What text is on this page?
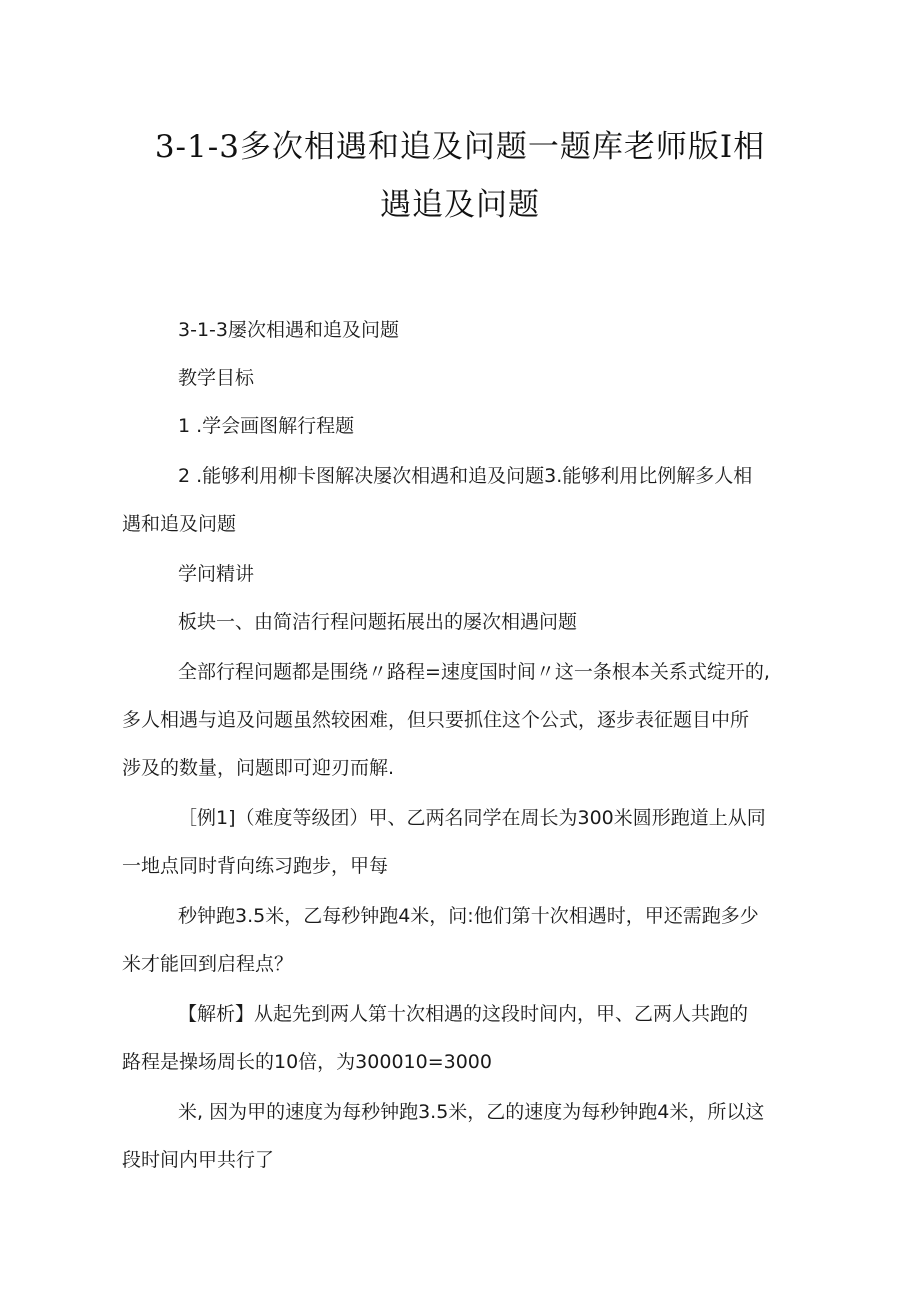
3-1-3多次相遇和追及问题一题库老师版I相
遇追及问题

3-1-3屡次相遇和追及问题

教学目标

1 .学会画图解行程题

2 .能够利用柳卡图解决屡次相遇和追及问题3.能够利用比例解多人相

遇和追及问题

学问精讲

板块一、由简洁行程问题拓展出的屡次相遇问题

全部行程问题都是围绕〃路程=速度国时间〃这一条根本关系式绽开的,

多人相遇与追及问题虽然较困难，但只要抓住这个公式，逐步表征题目中所

涉及的数量，问题即可迎刃而解.

［例1]（难度等级团）甲、乙两名同学在周长为300米圆形跑道上从同

一地点同时背向练习跑步，甲每

秒钟跑3.5米，乙每秒钟跑4米，问:他们第十次相遇时，甲还需跑多少

米才能回到启程点？

【解析】从起先到两人第十次相遇的这段时间内，甲、乙两人共跑的

路程是操场周长的10倍，为300010=3000

米, 因为甲的速度为每秒钟跑3.5米，乙的速度为每秒钟跑4米，所以这

段时间内甲共行了
